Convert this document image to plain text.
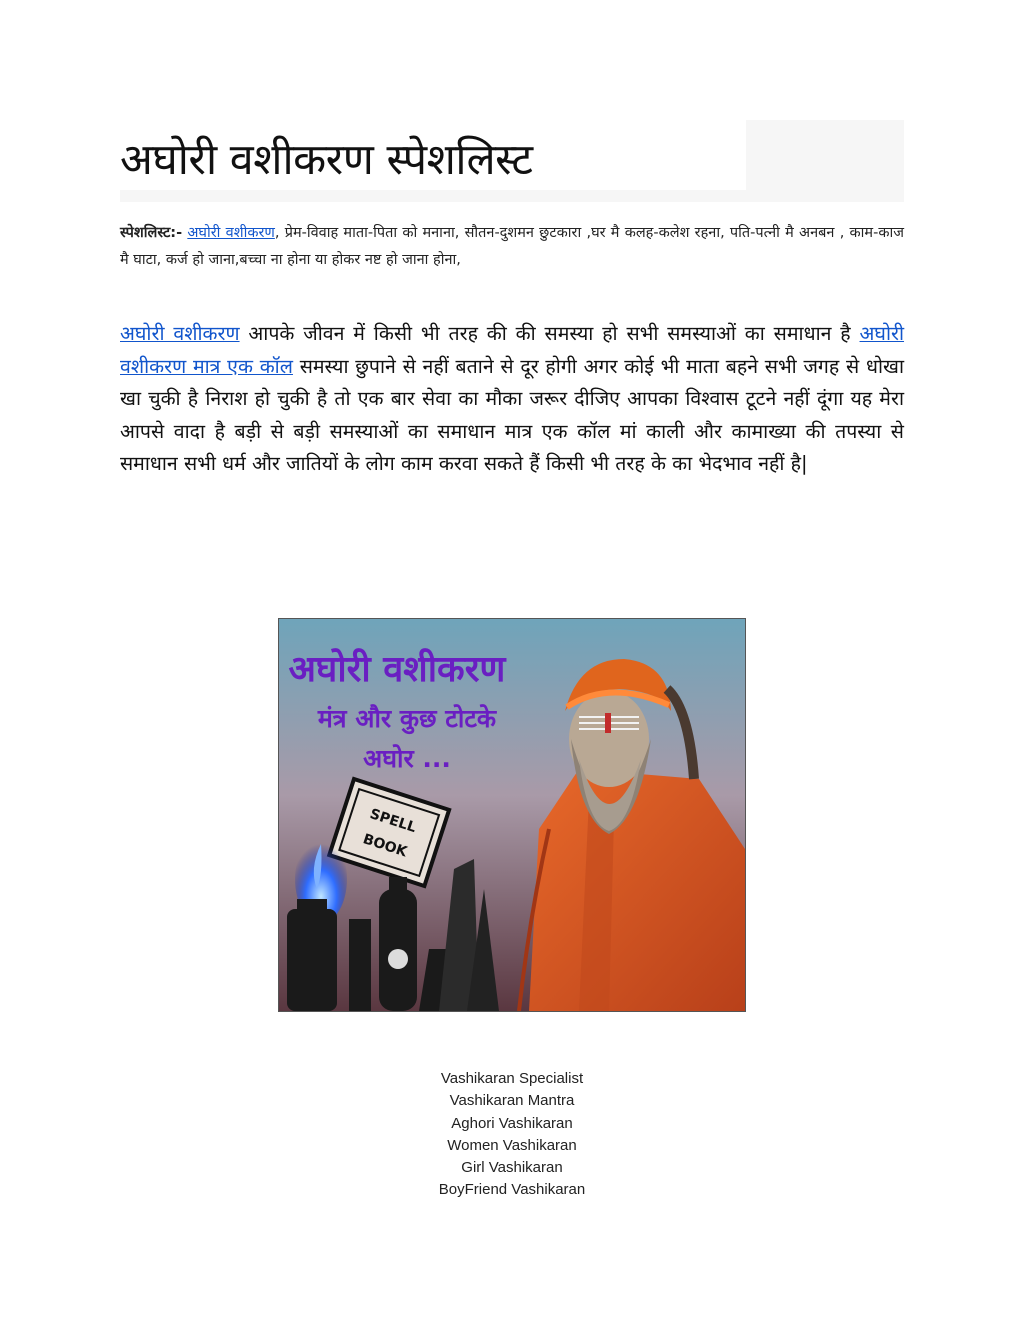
अघोरी वशीकरण स्पेशलिस्ट

स्पेशलिस्ट:- अघोरी वशीकरण, प्रेम-विवाह माता-पिता को मनाना, सौतन-दुशमन छुटकारा ,घर मै कलह-कलेश रहना, पति-पत्नी मै अनबन , काम-काज मै घाटा, कर्ज हो जाना,बच्चा ना होना या होकर नष्ट हो जाना होना,

अघोरी वशीकरण आपके जीवन में किसी भी तरह की की समस्या हो सभी समस्याओं का समाधान है अघोरी वशीकरण मात्र एक कॉल समस्या छुपाने से नहीं बताने से दूर होगी अगर कोई भी माता बहने सभी जगह से धोखा खा चुकी है निराश हो चुकी है तो एक बार सेवा का मौका जरूर दीजिए आपका विश्वास टूटने नहीं दूंगा यह मेरा आपसे वादा है बड़ी से बड़ी समस्याओं का समाधान मात्र एक कॉल मां काली और कामाख्या की तपस्या से समाधान सभी धर्म और जातियों के लोग काम करवा सकते हैं किसी भी तरह के का भेदभाव नहीं है|

SPELL
BOOK
अघोरी वशीकरण
मंत्र और कुछ टोटके
अघोर ...
Vashikaran Specialist
Vashikaran Mantra
Aghori Vashikaran
Women Vashikaran
Girl Vashikaran
BoyFriend Vashikaran
